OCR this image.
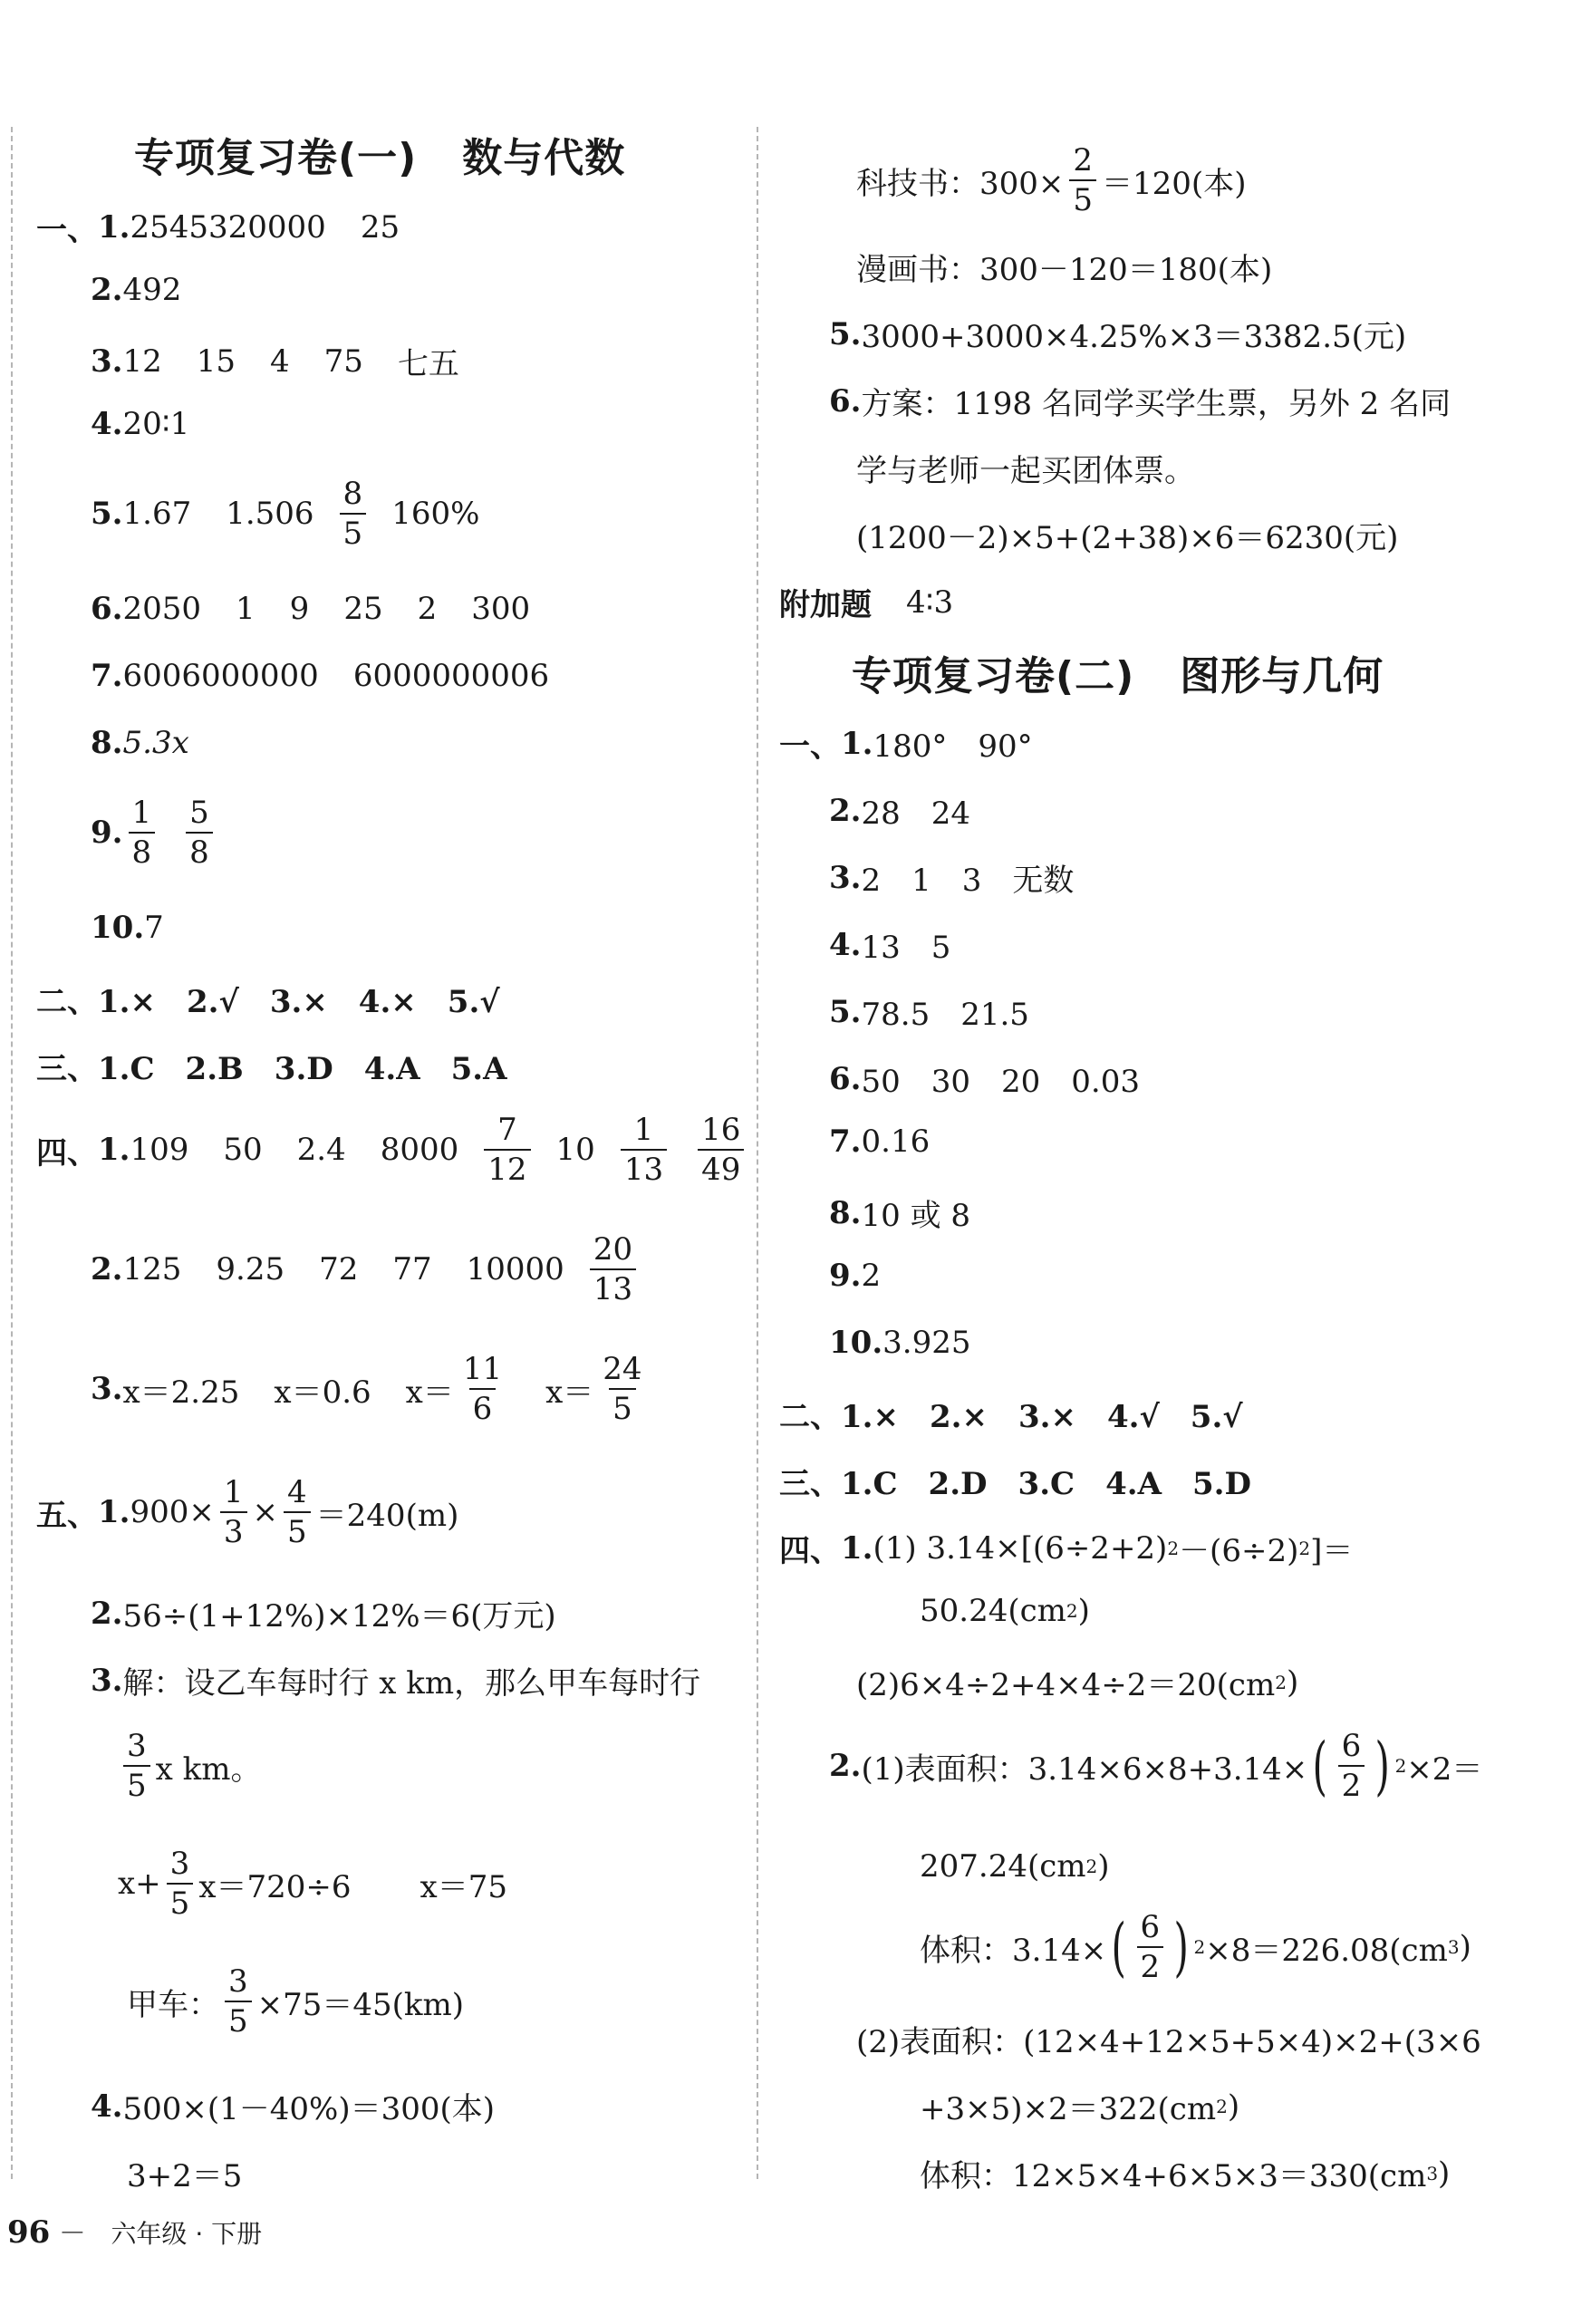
专项复习卷(一) 数与代数
一、 1. 2545320000 25
2. 492
3. 12 15 4 75 七五
4. 20∶1
5. 1.67 $1.506 \frac{8}{5} 160\%$
6. 2050 1 9 25 2 300
7. 6006000000 6000000006
8. 5.3x
9. $\frac{1}{8} \frac{5}{8}$
10. 7
二、1.×　2.√　3.×　4.×　5.√
三、1.C　2.B　3.D　4.A　5.A
四、 1. 109 50 2.4 $8000 \frac{7}{12} 10 \frac{1}{13} \frac{16}{49}$
2. 125 9.25 72 77 $10000 \frac{20}{13}$
3. x＝2.25 x＝0.6 $x= \frac{11}{6} x= \frac{24}{5}$
五、 1. $900\times \frac{1}{3} \times \frac{4}{5} =240(m)$
2. 56÷(1+12%)×12%＝6(万元)
3. 解：设乙车每时行 x km，那么甲车每时行
$\frac{3}{5}$ x km。
$x+ \frac{3}{5} x=720\div 6$ x＝75
甲车： $\frac{3}{5} \times 75=45(km)$
4. 500×(1－40%)＝300(本)
3+2＝5
科技书：$300\times \frac{2}{5} =120$(本)
漫画书：300－120＝180(本)
5. 3000+3000×4.25%×3＝3382.5(元)
6. 方案：1198 名同学买学生票，另外 2 名同
学与老师一起买团体票。
(1200－2)×5+(2+38)×6＝6230(元)
附加题 4∶3
专项复习卷(二) 图形与几何
一、 1. 180°　90°
2. 28　24
3. 2　1　3　无数
4. 13　5
5. 78.5　21.5
6. 50　30　20　0.03
7. 0.16
8. 10 或 8
9. 2
10. 3.925
二、1.×　2.×　3.×　4.√　5.√
三、1.C　2.D　3.C　4.A　5.D
四、 1. (1) 3.14×[(6÷2+2) 2 －(6÷2) 2 ]＝
50.24(cm 2 )
(2)6×4÷2+4×4÷2＝20(cm 2 )
2. (1)表面积：3.14×6×8+3.14× ( $\frac{6}{2}$ ) 2 ×2＝
207.24(cm 2 )
体积：3.14× ( $\frac{6}{2}$ ) 2 ×8＝226.08(cm 3 )
(2)表面积：(12×4+12×5+5×4)×2+(3×6
+3×5)×2＝322(cm 2 )
体积：12×5×4+6×5×3＝330(cm 3 )
96 － 六年级 · 下册
